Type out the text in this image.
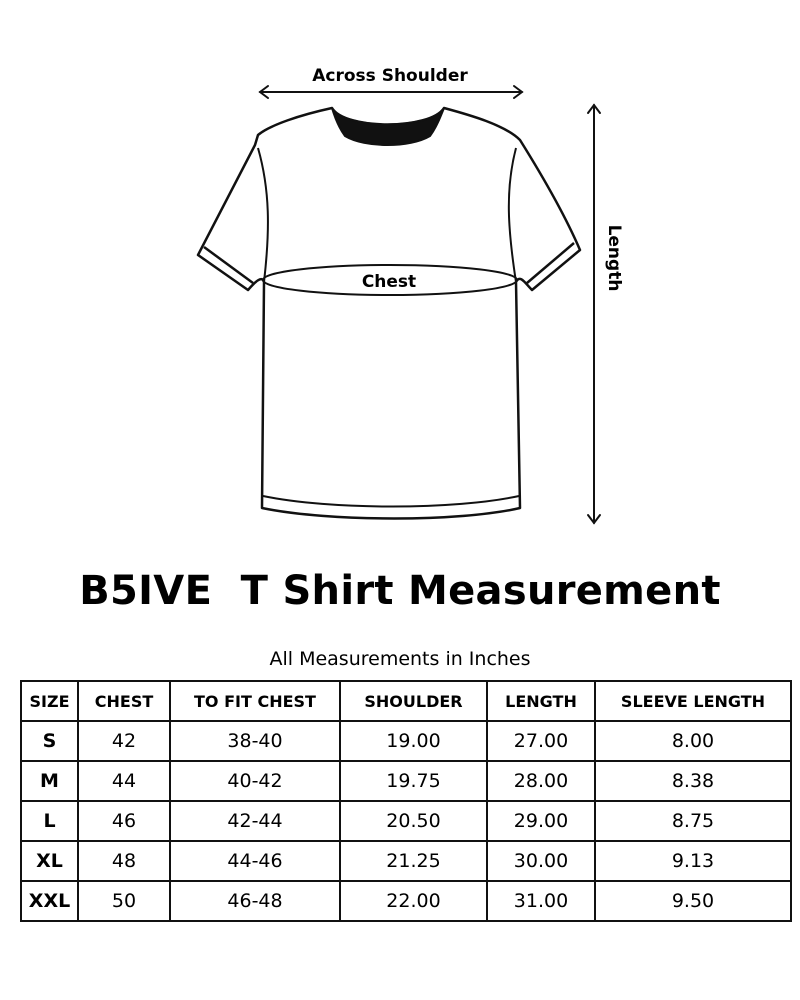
Across Shoulder
Chest	Length
B5IVE  T Shirt Measurement
All Measurements in Inches
SIZE	CHEST	TO FIT CHEST	SHOULDER	LENGTH	SLEEVE LENGTH
S	42	38-40	19.00	27.00	8.00
M	44	40-42	19.75	28.00	8.38
L	46	42-44	20.50	29.00	8.75
XL	48	44-46	21.25	30.00	9.13
XXL	50	46-48	22.00	31.00	9.50
